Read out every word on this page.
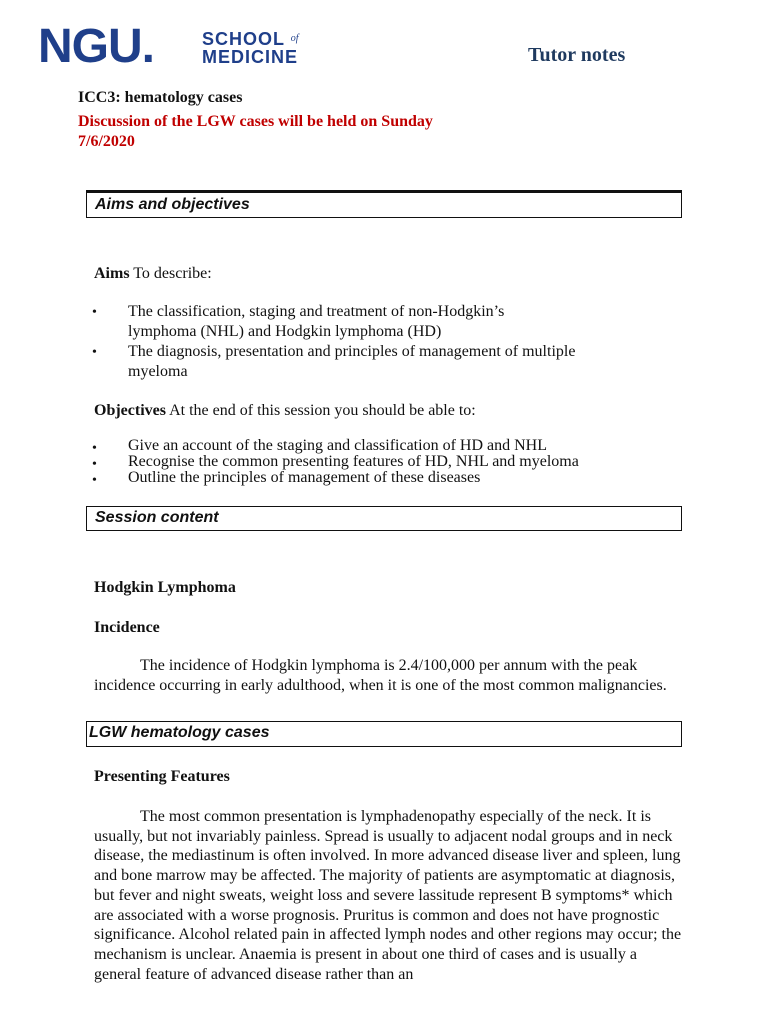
NGU.	SCHOOL $^{of}$
MEDICINE	Tutor notes
ICC3: hematology cases
Discussion of the LGW cases will be held on Sunday
7/6/2020
Aims and objectives
Aims To describe:
• The classification, staging and treatment of non-Hodgkin’s
lymphoma (NHL) and Hodgkin lymphoma (HD)
• The diagnosis, presentation and principles of management of multiple
myeloma
Objectives At the end of this session you should be able to:
• Give an account of the staging and classification of HD and NHL
• Recognise the common presenting features of HD, NHL and myeloma
• Outline the principles of management of these diseases
Session content
Hodgkin Lymphoma
Incidence
The incidence of Hodgkin lymphoma is 2.4/100,000 per annum with the peak incidence occurring in early adulthood, when it is one of the most common malignancies.
LGW hematology cases
Presenting Features
The most common presentation is lymphadenopathy especially of the neck. It is usually, but not invariably painless. Spread is usually to adjacent nodal groups and in neck disease, the mediastinum is often involved. In more advanced disease liver and spleen, lung and bone marrow may be affected. The majority of patients are asymptomatic at diagnosis, but fever and night sweats, weight loss and severe lassitude represent B symptoms* which are associated with a worse prognosis. Pruritus is common and does not have prognostic significance. Alcohol related pain in affected lymph nodes and other regions may occur; the mechanism is unclear. Anaemia is present in about one third of cases and is usually a general feature of advanced disease rather than an
